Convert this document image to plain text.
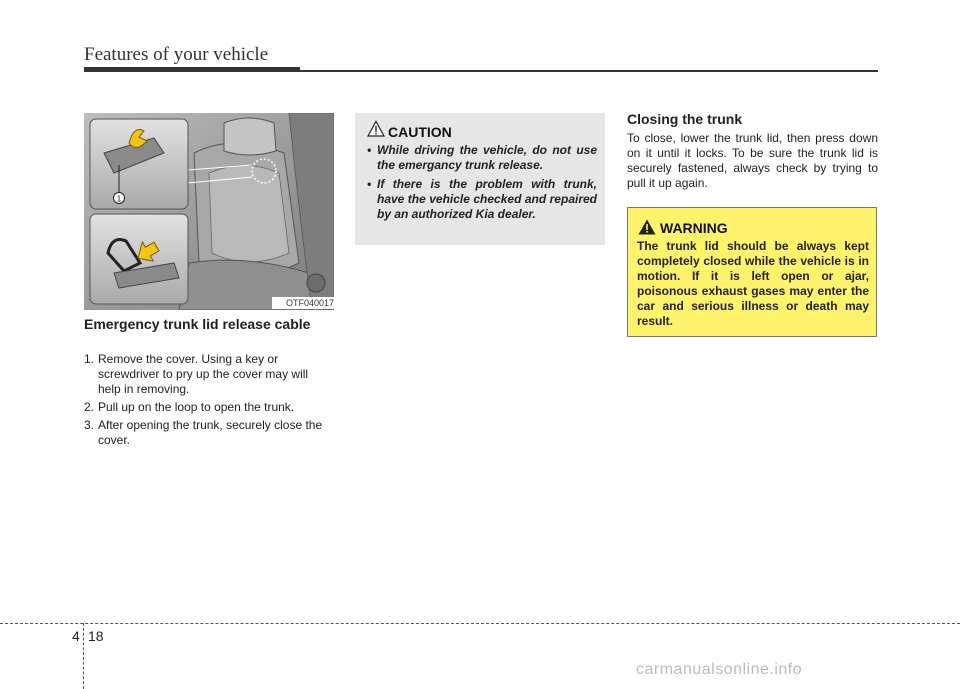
Features of your vehicle
1
OTF040017
Emergency trunk lid release cable
1. Remove the cover. Using a key or screwdriver to pry up the cover may will help in removing.
2. Pull up on the loop to open the trunk.
3. After opening the trunk, securely close the cover.
CAUTION
• While driving the vehicle, do not use the emergancy trunk release.
• If there is the problem with trunk, have the vehicle checked and repaired by an authorized Kia dealer.
Closing the trunk
To close, lower the trunk lid, then press down on it until it locks. To be sure the trunk lid is securely fastened, always check by trying to pull it up again.
WARNING
The trunk lid should be always kept completely closed while the vehicle is in motion. If it is left open or ajar, poisonous exhaust gases may enter the car and serious illness or death may result.
4 18
carmanualsonline.info
